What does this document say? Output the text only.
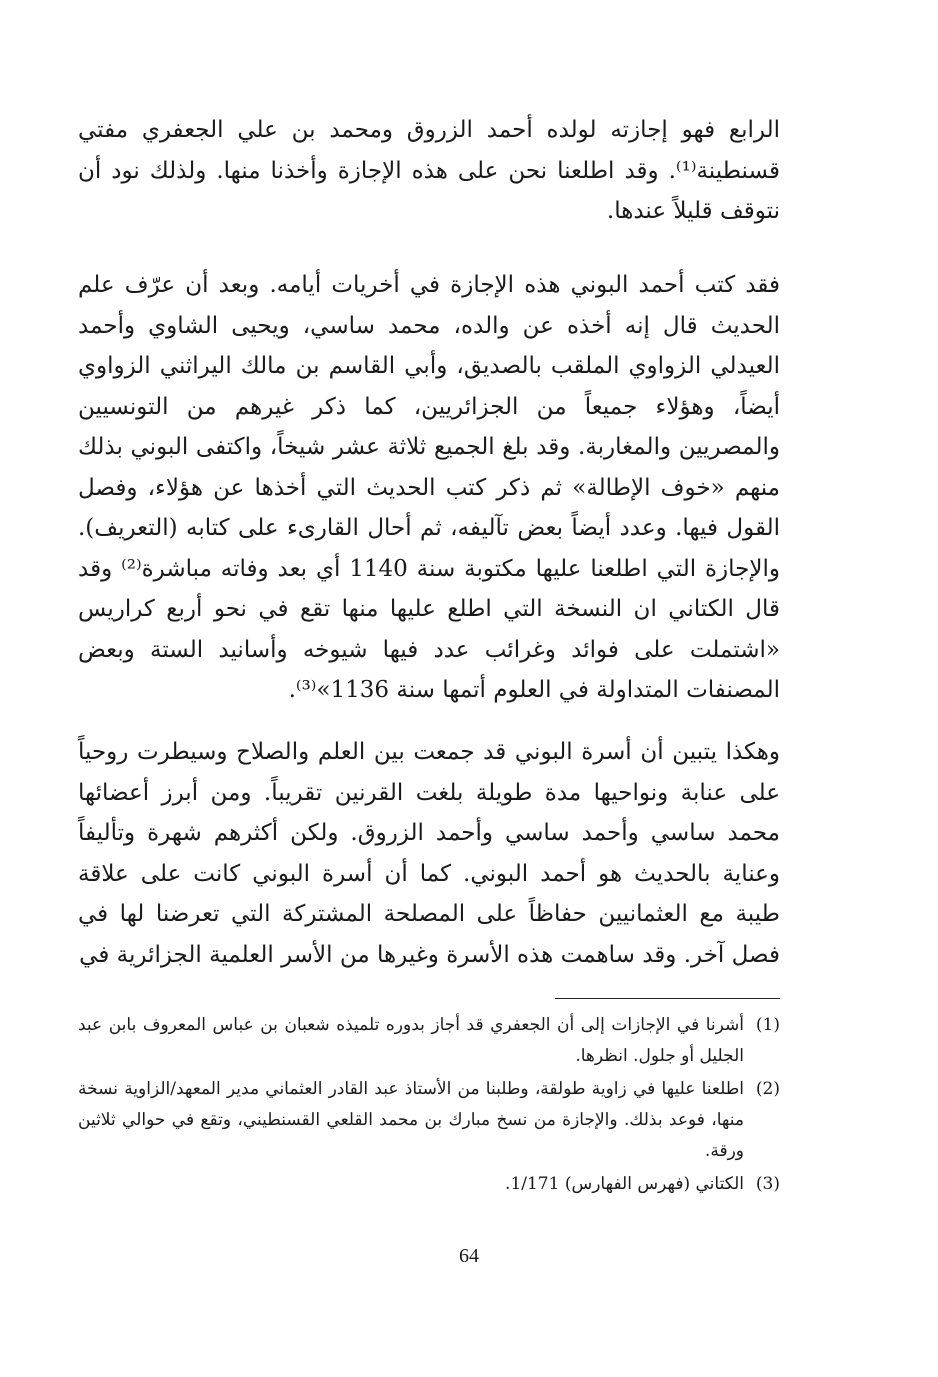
الرابع فهو إجازته لولده أحمد الزروق ومحمد بن علي الجعفري مفتي قسنطينة⁽¹⁾. وقد اطلعنا نحن على هذه الإجازة وأخذنا منها. ولذلك نود أن نتوقف قليلاً عندها.

فقد كتب أحمد البوني هذه الإجازة في أخريات أيامه. وبعد أن عرّف علم الحديث قال إنه أخذه عن والده، محمد ساسي، ويحيى الشاوي وأحمد العيدلي الزواوي الملقب بالصديق، وأبي القاسم بن مالك اليراثني الزواوي أيضاً، وهؤلاء جميعاً من الجزائريين، كما ذكر غيرهم من التونسيين والمصريين والمغاربة. وقد بلغ الجميع ثلاثة عشر شيخاً، واكتفى البوني بذلك منهم «خوف الإطالة» ثم ذكر كتب الحديث التي أخذها عن هؤلاء، وفصل القول فيها. وعدد أيضاً بعض تآليفه، ثم أحال القارىء على كتابه (التعريف). والإجازة التي اطلعنا عليها مكتوبة سنة 1140 أي بعد وفاته مباشرة⁽²⁾ وقد قال الكتاني ان النسخة التي اطلع عليها منها تقع في نحو أربع كراريس «اشتملت على فوائد وغرائب عدد فيها شيوخه وأسانيد الستة وبعض المصنفات المتداولة في العلوم أتمها سنة 1136»⁽³⁾.

وهكذا يتبين أن أسرة البوني قد جمعت بين العلم والصلاح وسيطرت روحياً على عنابة ونواحيها مدة طويلة بلغت القرنين تقريباً. ومن أبرز أعضائها محمد ساسي وأحمد ساسي وأحمد الزروق. ولكن أكثرهم شهرة وتأليفاً وعناية بالحديث هو أحمد البوني. كما أن أسرة البوني كانت على علاقة طيبة مع العثمانيين حفاظاً على المصلحة المشتركة التي تعرضنا لها في فصل آخر. وقد ساهمت هذه الأسرة وغيرها من الأسر العلمية الجزائرية في

(1)
أشرنا في الإجازات إلى أن الجعفري قد أجاز بدوره تلميذه شعبان بن عباس المعروف بابن عبد الجليل أو جلول. انظرها.
(2)
اطلعنا عليها في زاوية طولقة، وطلبنا من الأستاذ عبد القادر العثماني مدير المعهد/الزاوية نسخة منها، فوعد بذلك. والإجازة من نسخ مبارك بن محمد القلعي القسنطيني، وتقع في حوالي ثلاثين ورقة.
(3)
الكتاني (فهرس الفهارس) 1/171.
64
